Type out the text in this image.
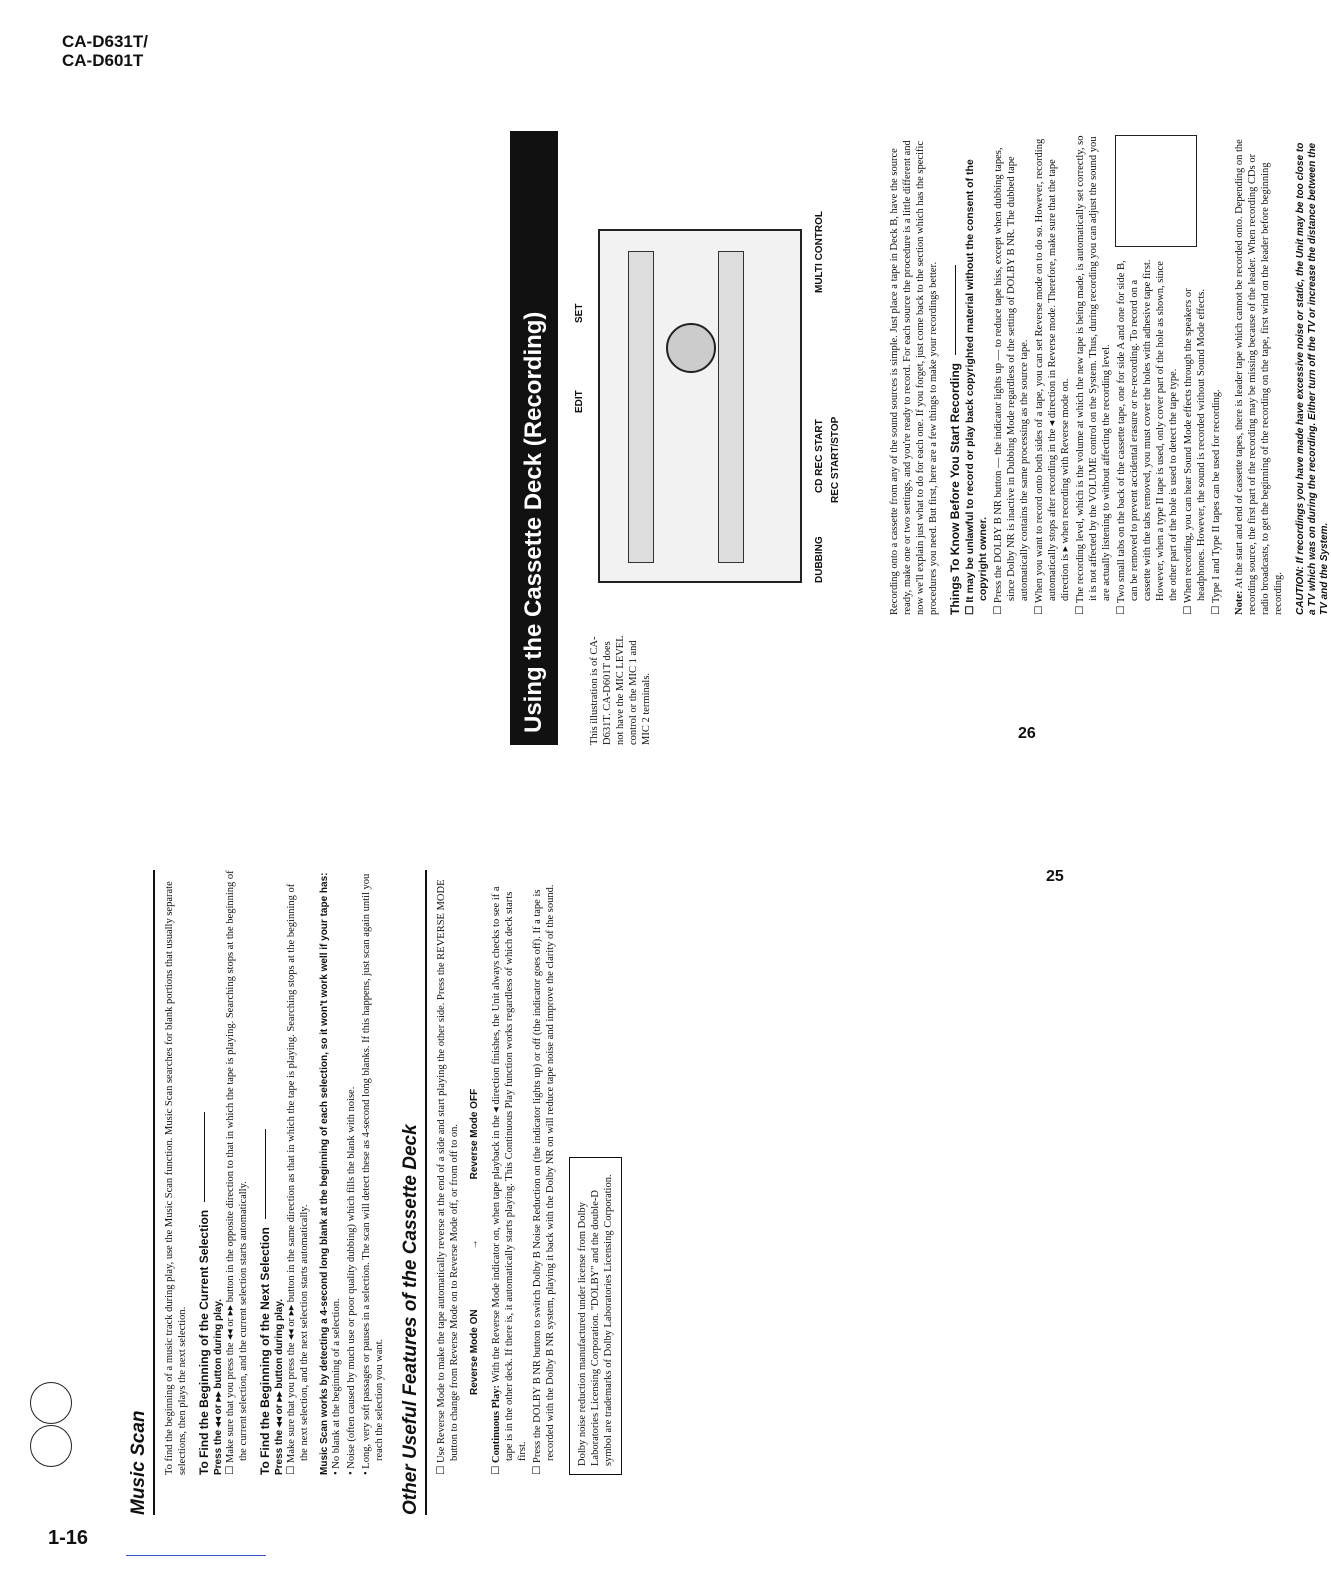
CA-D631T/
CA-D601T
Music Scan	To find the beginning of a music track during play, use the Music Scan function. Music Scan searches for blank portions that usually separate selections, then plays the next selection. To Find the Beginning of the Current Selection Press the ◂◂ or ▸▸ button during play. ☐ Make sure that you press the ◂◂ or ▸▸ button in the opposite direction to that in which the tape is playing. Searching stops at the beginning of the current selection, and the current selection starts automatically. To Find the Beginning of the Next Selection Press the ◂◂ or ▸▸ button during play. ☐ Make sure that you press the ◂◂ or ▸▸ button in the same direction as that in which the tape is playing. Searching stops at the beginning of the next selection, and the next selection starts automatically. Music Scan works by detecting a 4-second long blank at the beginning of each selection, so it won't work well if your tape has: • No blank at the beginning of a selection.

• Noise (often caused by much use or poor quality dubbing) which fills the blank with noise.

• Long, very soft passages or pauses in a selection. The scan will detect these as 4-second long blanks. If this happens, just scan again until you reach the selection you want. Other Useful Features of the Cassette Deck	☐ Use Reverse Mode to make the tape automatically reverse at the end of a side and start playing the other side. Press the REVERSE MODE button to change from Reverse Mode on to Reverse Mode off, or from off to on. Reverse Mode ON
→
Reverse Mode OFF

☐ Continuous Play: With the Reverse Mode indicator on, when tape playback in the ◂ direction finishes, the Unit always checks to see if a tape is in the other deck. If there is, it automatically starts playing. This Continuous Play function works regardless of which deck starts first.

☐ Press the DOLBY B NR button to switch Dolby B Noise Reduction on (the indicator lights up) or off (the indicator goes off). If a tape is recorded with the Dolby B NR system, playing it back with the Dolby NR on will reduce tape noise and improve the clarity of the sound.	Dolby noise reduction manufactured under license from Dolby Laboratories Licensing Corporation. "DOLBY" and the double-D symbol are trademarks of Dolby Laboratories Licensing Corporation.
25
26
Using the Cassette Deck (Recording)	This illustration is of CA-D631T. CA-D601T does not have the MIC LEVEL control or the MIC 1 and MIC 2 terminals.
EDIT
SET
MULTI CONTROL
CD REC START REC START/STOP
DUBBING	Recording onto a cassette from any of the sound sources is simple. Just place a tape in Deck B, have the source ready, make one or two settings, and you're ready to record. For each source the procedure is a little different and now we'll explain just what to do for each one. If you forget, just come back to the section which has the specific procedures you need. But first, here are a few things to make your recordings better. Things To Know Before You Start Recording ☐ It may be unlawful to record or play back copyrighted material without the consent of the copyright owner.

☐ Press the DOLBY B NR button — the indicator lights up — to reduce tape hiss, except when dubbing tapes, since Dolby NR is inactive in Dubbing Mode regardless of the setting of DOLBY B NR. The dubbed tape automatically contains the same processing as the source tape.

☐ When you want to record onto both sides of a tape, you can set Reverse mode on to do so. However, recording automatically stops after recording in the ◂ direction in Reverse mode. Therefore, make sure that the tape direction is ▸ when recording with Reverse mode on.

☐ The recording level, which is the volume at which the new tape is being made, is automatically set correctly, so it is not affected by the VOLUME control on the System. Thus, during recording you can adjust the sound you are actually listening to without affecting the recording level.

☐ Two small tabs on the back of the cassette tape, one for side A and one for side B, can be removed to prevent accidental erasure or re-recording. To record on a cassette with the tabs removed, you must cover the holes with adhesive tape first. However, when a type II tape is used, only cover part of the hole as shown, since the other part of the hole is used to detect the tape type.

☐ When recording, you can hear Sound Mode effects through the speakers or headphones. However, the sound is recorded without Sound Mode effects.

☐ Type I and Type II tapes can be used for recording. Note: At the start and end of cassette tapes, there is leader tape which cannot be recorded onto. Depending on the recording source, the first part of the recording may be missing because of the leader. When recording CDs or radio broadcasts, to get the beginning of the recording on the tape, first wind on the leader before beginning recording. CAUTION: If recordings you have made have excessive noise or static, the Unit may be too close to a TV which was on during the recording. Either turn off the TV or increase the distance between the TV and the System.
1-16
